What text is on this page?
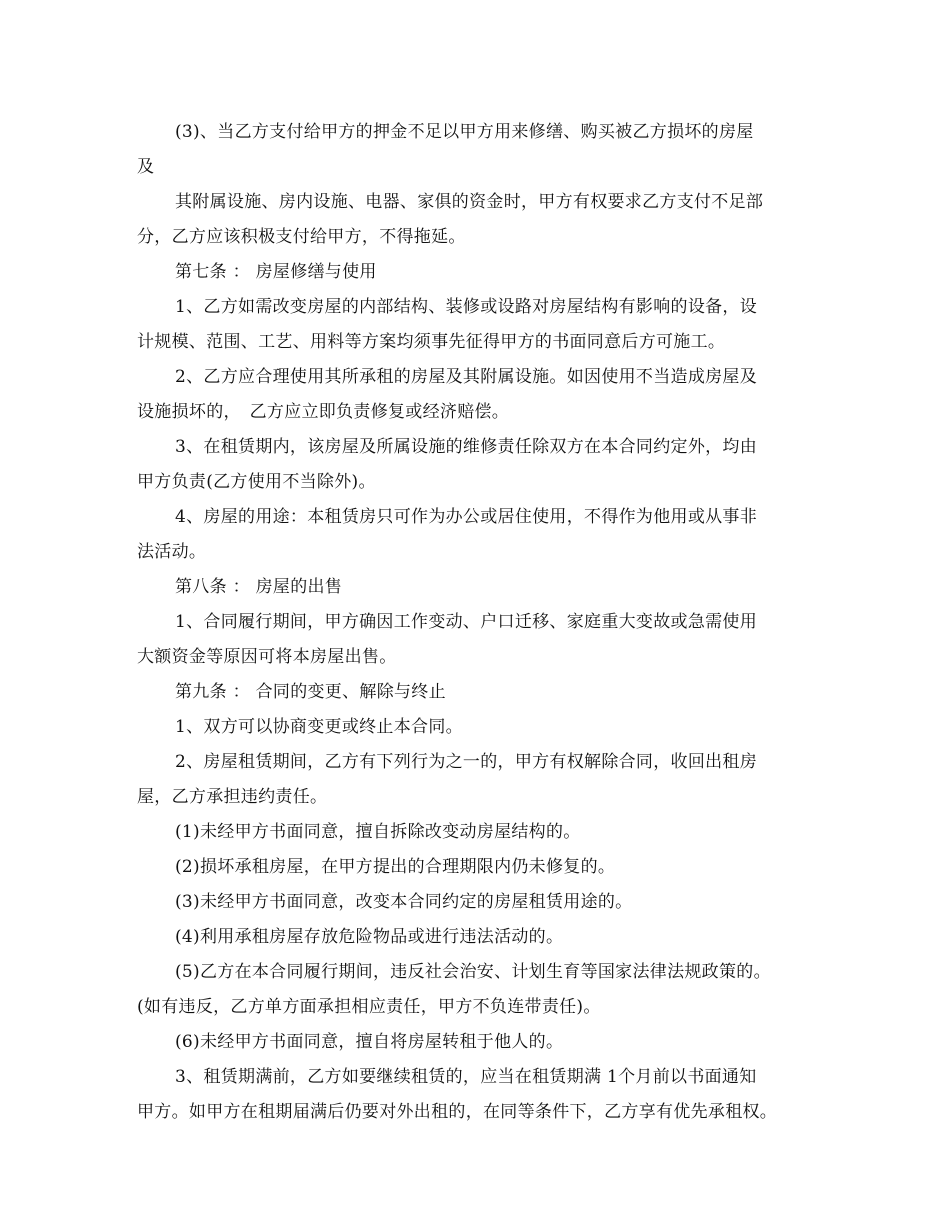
(3)、当乙方支付给甲方的押金不足以甲方用来修缮、购买被乙方损坏的房屋
及
其附属设施、房内设施、电器、家俱的资金时，甲方有权要求乙方支付不足部
分，乙方应该积极支付给甲方，不得拖延。
第七条 ： 房屋修缮与使用
1、乙方如需改变房屋的内部结构、装修或设路对房屋结构有影响的设备，设
计规模、范围、工艺、用料等方案均须事先征得甲方的书面同意后方可施工。
2、乙方应合理使用其所承租的房屋及其附属设施。如因使用不当造成房屋及
设施损坏的，　乙方应立即负责修复或经济赔偿。
3、在租赁期内，该房屋及所属设施的维修责任除双方在本合同约定外，均由
甲方负责(乙方使用不当除外)。
4、房屋的用途：本租赁房只可作为办公或居住使用，不得作为他用或从事非
法活动。
第八条 ： 房屋的出售
1、合同履行期间，甲方确因工作变动、户口迁移、家庭重大变故或急需使用
大额资金等原因可将本房屋出售。
第九条 ： 合同的变更、解除与终止
1、双方可以协商变更或终止本合同。
2、房屋租赁期间，乙方有下列行为之一的，甲方有权解除合同，收回出租房
屋，乙方承担违约责任。
(1)未经甲方书面同意，擅自拆除改变动房屋结构的。
(2)损坏承租房屋，在甲方提出的合理期限内仍未修复的。
(3)未经甲方书面同意，改变本合同约定的房屋租赁用途的。
(4)利用承租房屋存放危险物品或进行违法活动的。
(5)乙方在本合同履行期间，违反社会治安、计划生育等国家法律法规政策的。
(如有违反，乙方单方面承担相应责任，甲方不负连带责任)。
(6)未经甲方书面同意，擅自将房屋转租于他人的。
3、租赁期满前，乙方如要继续租赁的，应当在租赁期满 1个月前以书面通知
甲方。如甲方在租期届满后仍要对外出租的，在同等条件下，乙方享有优先承租权。
